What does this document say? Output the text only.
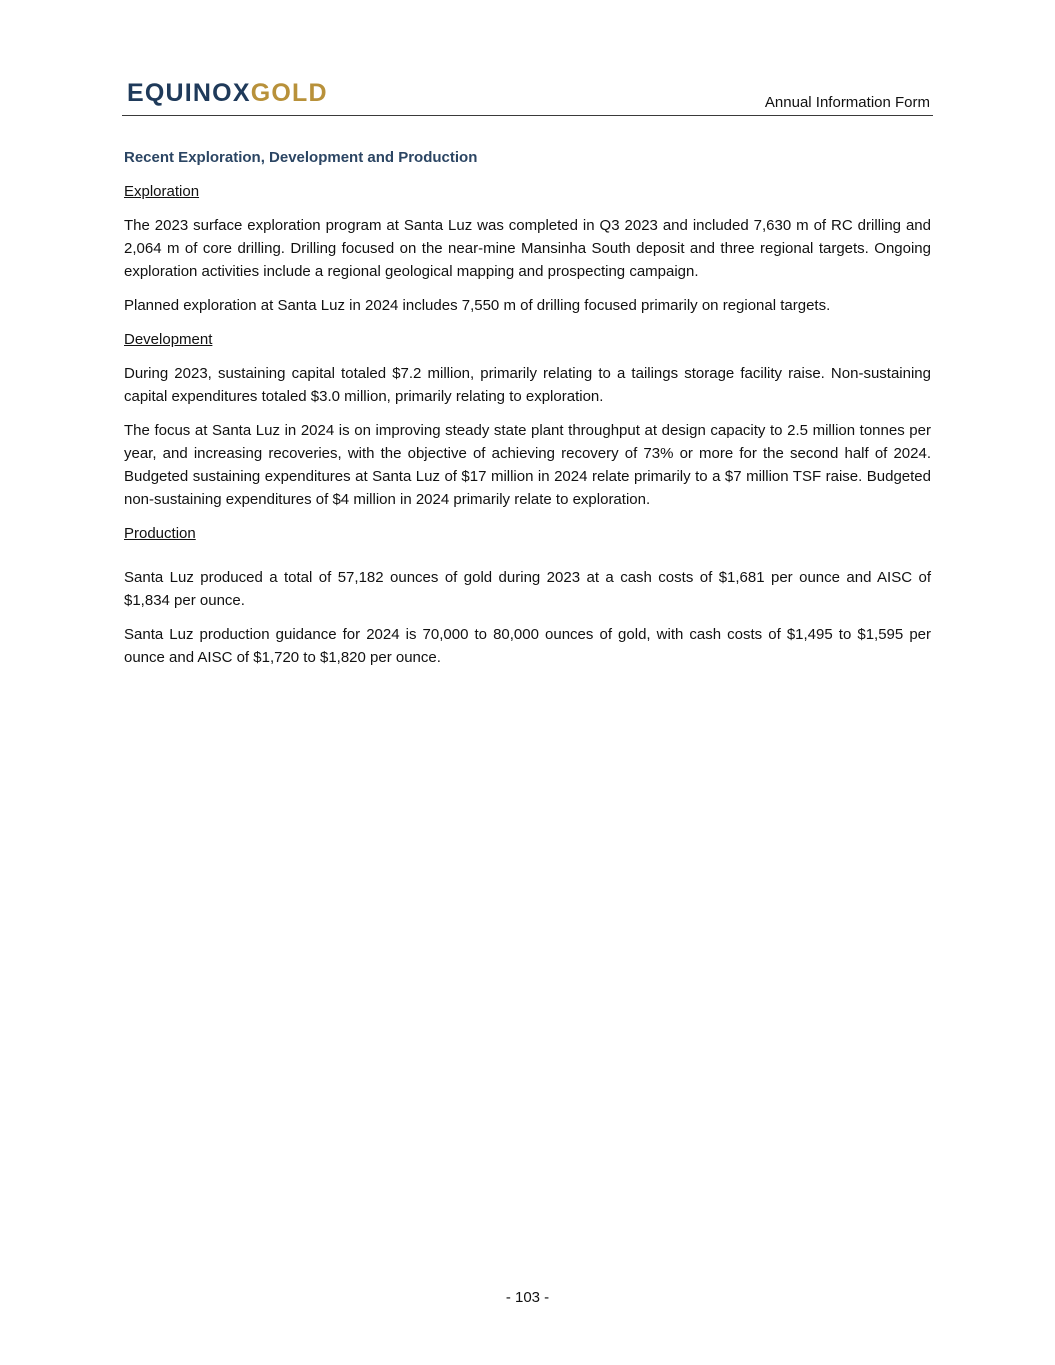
EQUINOXGOLD	Annual Information Form
Recent Exploration, Development and Production
Exploration

The 2023 surface exploration program at Santa Luz was completed in Q3 2023 and included 7,630 m of RC drilling and 2,064 m of core drilling. Drilling focused on the near-mine Mansinha South deposit and three regional targets. Ongoing exploration activities include a regional geological mapping and prospecting campaign.

Planned exploration at Santa Luz in 2024 includes 7,550 m of drilling focused primarily on regional targets.

Development

During 2023, sustaining capital totaled $7.2 million, primarily relating to a tailings storage facility raise. Non-sustaining capital expenditures totaled $3.0 million, primarily relating to exploration.

The focus at Santa Luz in 2024 is on improving steady state plant throughput at design capacity to 2.5 million tonnes per year, and increasing recoveries, with the objective of achieving recovery of 73% or more for the second half of 2024. Budgeted sustaining expenditures at Santa Luz of $17 million in 2024 relate primarily to a $7 million TSF raise. Budgeted non-sustaining expenditures of $4 million in 2024 primarily relate to exploration.

Production

Santa Luz produced a total of 57,182 ounces of gold during 2023 at a cash costs of $1,681 per ounce and AISC of $1,834 per ounce.

Santa Luz production guidance for 2024 is 70,000 to 80,000 ounces of gold, with cash costs of $1,495 to $1,595 per ounce and AISC of $1,720 to $1,820 per ounce.

- 103 -
